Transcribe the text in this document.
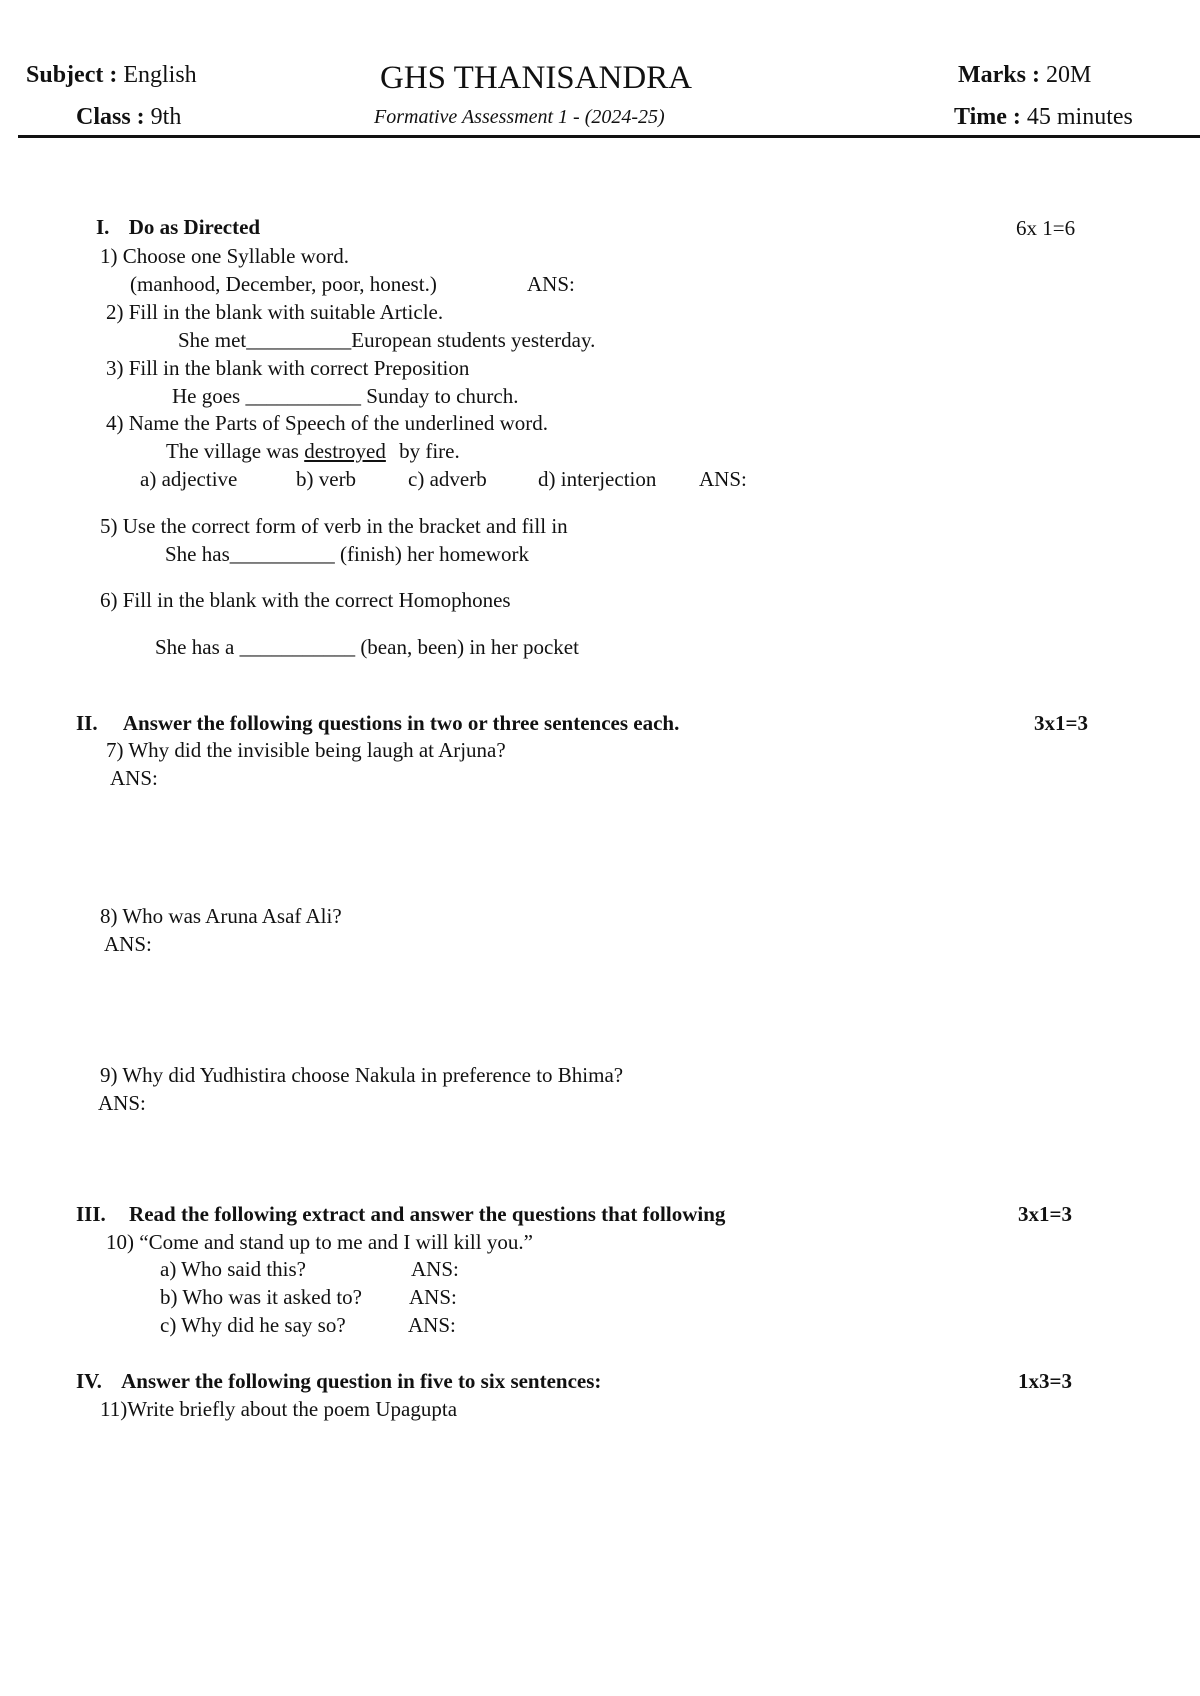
Subject : English
Class : 9th
GHS THANISANDRA
Formative Assessment 1 - (2024-25)
Marks : 20M
Time : 45 minutes
I. Do as Directed	6x 1=6
1) Choose one Syllable word.
(manhood, December, poor, honest.)	ANS:
2) Fill in the blank with suitable Article.
She met__________European students yesterday.
3) Fill in the blank with correct Preposition
He goes ___________ Sunday to church.
4) Name the Parts of Speech of the underlined word.
The village was destroyed by fire.
a) adjective	b) verb c) adverb d) interjection ANS:
5) Use the correct form of verb in the bracket and fill in
She has__________ (finish) her homework
6) Fill in the blank with the correct Homophones
She has a ___________ (bean, been) in her pocket
II. Answer the following questions in two or three sentences each.	3x1=3
7) Why did the invisible being laugh at Arjuna?
ANS:
8) Who was Aruna Asaf Ali?
ANS:
9) Why did Yudhistira choose Nakula in preference to Bhima?
ANS:
III. Read the following extract and answer the questions that following	3x1=3
10) “Come and stand up to me and I will kill you.”
a) Who said this?	ANS:
b) Who was it asked to? ANS:
c) Why did he say so?	ANS:
IV. Answer the following question in five to six sentences:	1x3=3
11)Write briefly about the poem Upagupta
